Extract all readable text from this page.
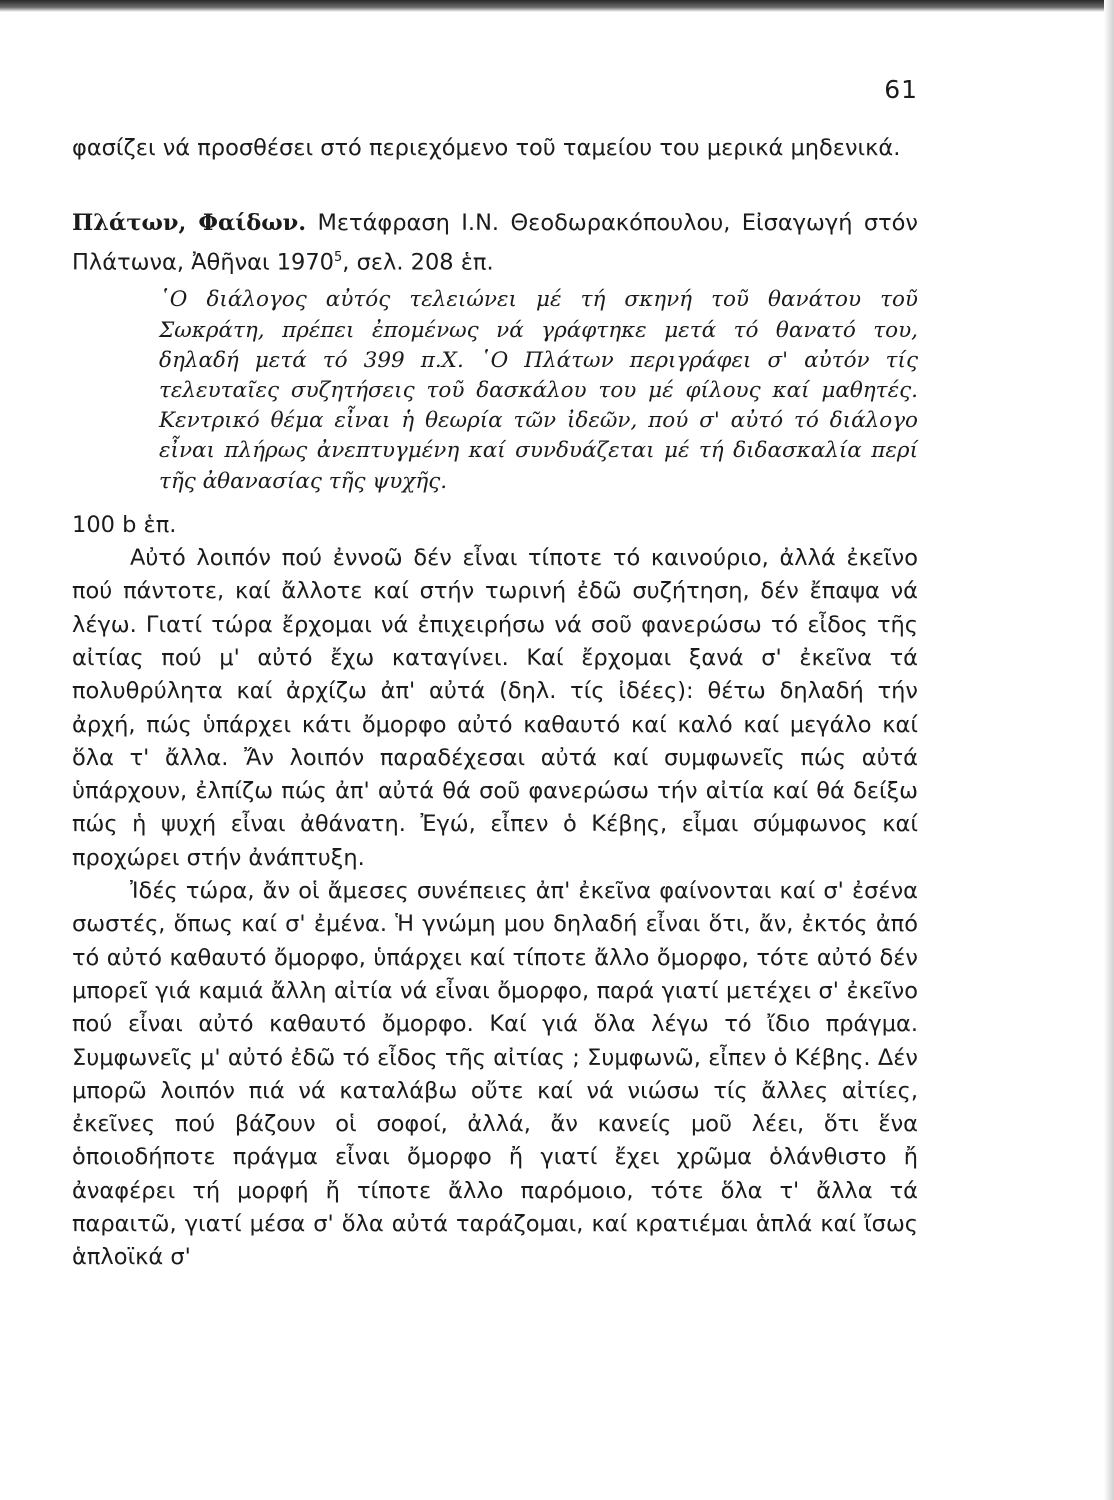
61

φασίζει νά προσθέσει στό περιεχόμενο τοῦ ταμείου του μερικά μηδενικά.

Πλάτων, Φαίδων. Μετάφραση Ι.Ν. Θεοδωρακόπουλου, Εἰσαγωγή στόν Πλάτωνα, Ἀθῆναι 1970$^5$, σελ. 208 ἑπ.

῾Ο διάλογος αὐτός τελειώνει μέ τή σκηνή τοῦ θανάτου τοῦ Σωκράτη, πρέπει ἐπομένως νά γράφτηκε μετά τό θανατό του, δηλαδή μετά τό 399 π.Χ. ῾Ο Πλάτων περιγράφει σ' αὐτόν τίς τελευταῖες συζητήσεις τοῦ δασκάλου του μέ φίλους καί μαθητές. Κεντρικό θέμα εἶναι ἡ θεωρία τῶν ἰδεῶν, πού σ' αὐτό τό διάλογο εἶναι πλήρως ἀνεπτυγμένη καί συνδυάζεται μέ τή διδασκαλία περί τῆς ἀθανασίας τῆς ψυχῆς.

100 b ἑπ.

Αὐτό λοιπόν πού ἐννοῶ δέν εἶναι τίποτε τό καινούριο, ἀλλά ἐκεῖνο πού πάντοτε, καί ἄλλοτε καί στήν τωρινή ἐδῶ συζήτηση, δέν ἔπαψα νά λέγω. Γιατί τώρα ἔρχομαι νά ἐπιχειρήσω νά σοῦ φανερώσω τό εἶδος τῆς αἰτίας πού μ' αὐτό ἔχω καταγίνει. Καί ἔρχομαι ξανά σ' ἐκεῖνα τά πολυθρύλητα καί ἀρχίζω ἀπ' αὐτά (δηλ. τίς ἰδέες): θέτω δηλαδή τήν ἀρχή, πώς ὑπάρχει κάτι ὄμορφο αὐτό καθαυτό καί καλό καί μεγάλο καί ὅλα τ' ἄλλα. Ἄν λοιπόν παραδέχεσαι αὐτά καί συμφωνεῖς πώς αὐτά ὑπάρχουν, ἐλπίζω πώς ἀπ' αὐτά θά σοῦ φανερώσω τήν αἰτία καί θά δείξω πώς ἡ ψυχή εἶναι ἀθάνατη. Ἐγώ, εἶπεν ὁ Κέβης, εἶμαι σύμφωνος καί προχώρει στήν ἀνάπτυξη.

Ἰδές τώρα, ἄν οἱ ἄμεσες συνέπειες ἀπ' ἐκεῖνα φαίνονται καί σ' ἐσένα σωστές, ὅπως καί σ' ἐμένα. Ἡ γνώμη μου δηλαδή εἶναι ὅτι, ἄν, ἐκτός ἀπό τό αὐτό καθαυτό ὄμορφο, ὑπάρχει καί τίποτε ἄλλο ὄμορφο, τότε αὐτό δέν μπορεῖ γιά καμιά ἄλλη αἰτία νά εἶναι ὄμορφο, παρά γιατί μετέχει σ' ἐκεῖνο πού εἶναι αὐτό καθαυτό ὄμορφο. Καί γιά ὅλα λέγω τό ἴδιο πράγμα. Συμφωνεῖς μ' αὐτό ἐδῶ τό εἶδος τῆς αἰτίας ; Συμφωνῶ, εἶπεν ὁ Κέβης. Δέν μπορῶ λοιπόν πιά νά καταλάβω οὔτε καί νά νιώσω τίς ἄλλες αἰτίες, ἐκεῖνες πού βάζουν οἱ σοφοί, ἀλλά, ἄν κανείς μοῦ λέει, ὅτι ἕνα ὁποιοδήποτε πράγμα εἶναι ὄμορφο ἤ γιατί ἔχει χρῶμα ὁλάνθιστο ἤ ἀναφέρει τή μορφή ἤ τίποτε ἄλλο παρόμοιο, τότε ὅλα τ' ἄλλα τά παραιτῶ, γιατί μέσα σ' ὅλα αὐτά ταράζομαι, καί κρατιέμαι ἁπλά καί ἴσως ἁπλοϊκά σ'
